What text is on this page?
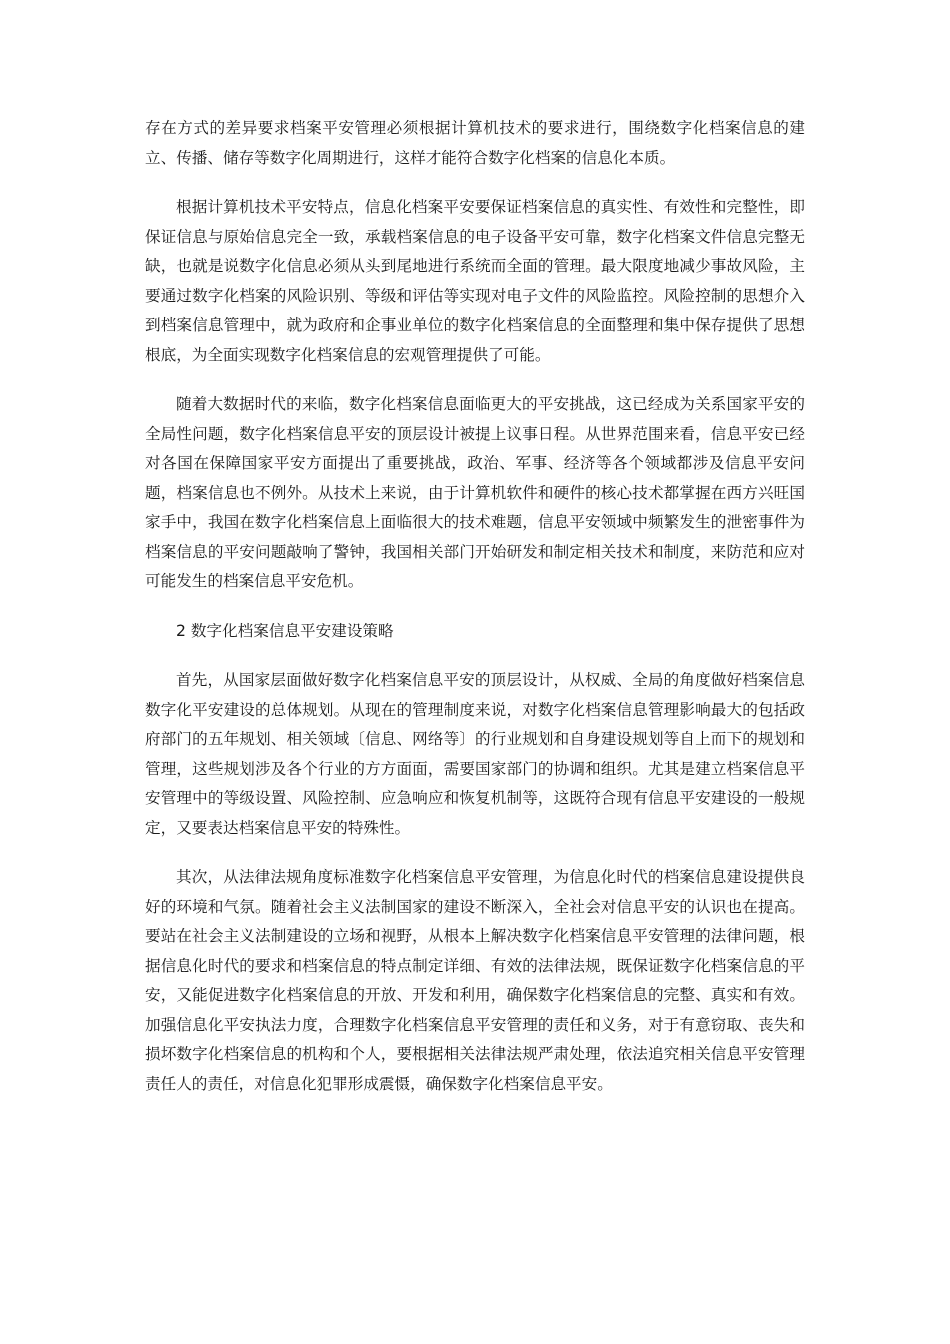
存在方式的差异要求档案平安管理必须根据计算机技术的要求进行，围绕数字化档案信息的建立、传播、储存等数字化周期进行，这样才能符合数字化档案的信息化本质。

根据计算机技术平安特点，信息化档案平安要保证档案信息的真实性、有效性和完整性，即保证信息与原始信息完全一致，承载档案信息的电子设备平安可靠，数字化档案文件信息完整无缺，也就是说数字化信息必须从头到尾地进行系统而全面的管理。最大限度地减少事故风险，主要通过数字化档案的风险识别、等级和评估等实现对电子文件的风险监控。风险控制的思想介入到档案信息管理中，就为政府和企事业单位的数字化档案信息的全面整理和集中保存提供了思想根底，为全面实现数字化档案信息的宏观管理提供了可能。

随着大数据时代的来临，数字化档案信息面临更大的平安挑战，这已经成为关系国家平安的全局性问题，数字化档案信息平安的顶层设计被提上议事日程。从世界范围来看，信息平安已经对各国在保障国家平安方面提出了重要挑战，政治、军事、经济等各个领域都涉及信息平安问题，档案信息也不例外。从技术上来说，由于计算机软件和硬件的核心技术都掌握在西方兴旺国家手中，我国在数字化档案信息上面临很大的技术难题，信息平安领域中频繁发生的泄密事件为档案信息的平安问题敲响了警钟，我国相关部门开始研发和制定相关技术和制度，来防范和应对可能发生的档案信息平安危机。

2 数字化档案信息平安建设策略

首先，从国家层面做好数字化档案信息平安的顶层设计，从权威、全局的角度做好档案信息数字化平安建设的总体规划。从现在的管理制度来说，对数字化档案信息管理影响最大的包括政府部门的五年规划、相关领域〔信息、网络等〕的行业规划和自身建设规划等自上而下的规划和管理，这些规划涉及各个行业的方方面面，需要国家部门的协调和组织。尤其是建立档案信息平安管理中的等级设置、风险控制、应急响应和恢复机制等，这既符合现有信息平安建设的一般规定，又要表达档案信息平安的特殊性。

其次，从法律法规角度标准数字化档案信息平安管理，为信息化时代的档案信息建设提供良好的环境和气氛。随着社会主义法制国家的建设不断深入，全社会对信息平安的认识也在提高。要站在社会主义法制建设的立场和视野，从根本上解决数字化档案信息平安管理的法律问题，根据信息化时代的要求和档案信息的特点制定详细、有效的法律法规，既保证数字化档案信息的平安，又能促进数字化档案信息的开放、开发和利用，确保数字化档案信息的完整、真实和有效。加强信息化平安执法力度，合理数字化档案信息平安管理的责任和义务，对于有意窃取、丧失和损坏数字化档案信息的机构和个人，要根据相关法律法规严肃处理，依法追究相关信息平安管理责任人的责任，对信息化犯罪形成震慑，确保数字化档案信息平安。
